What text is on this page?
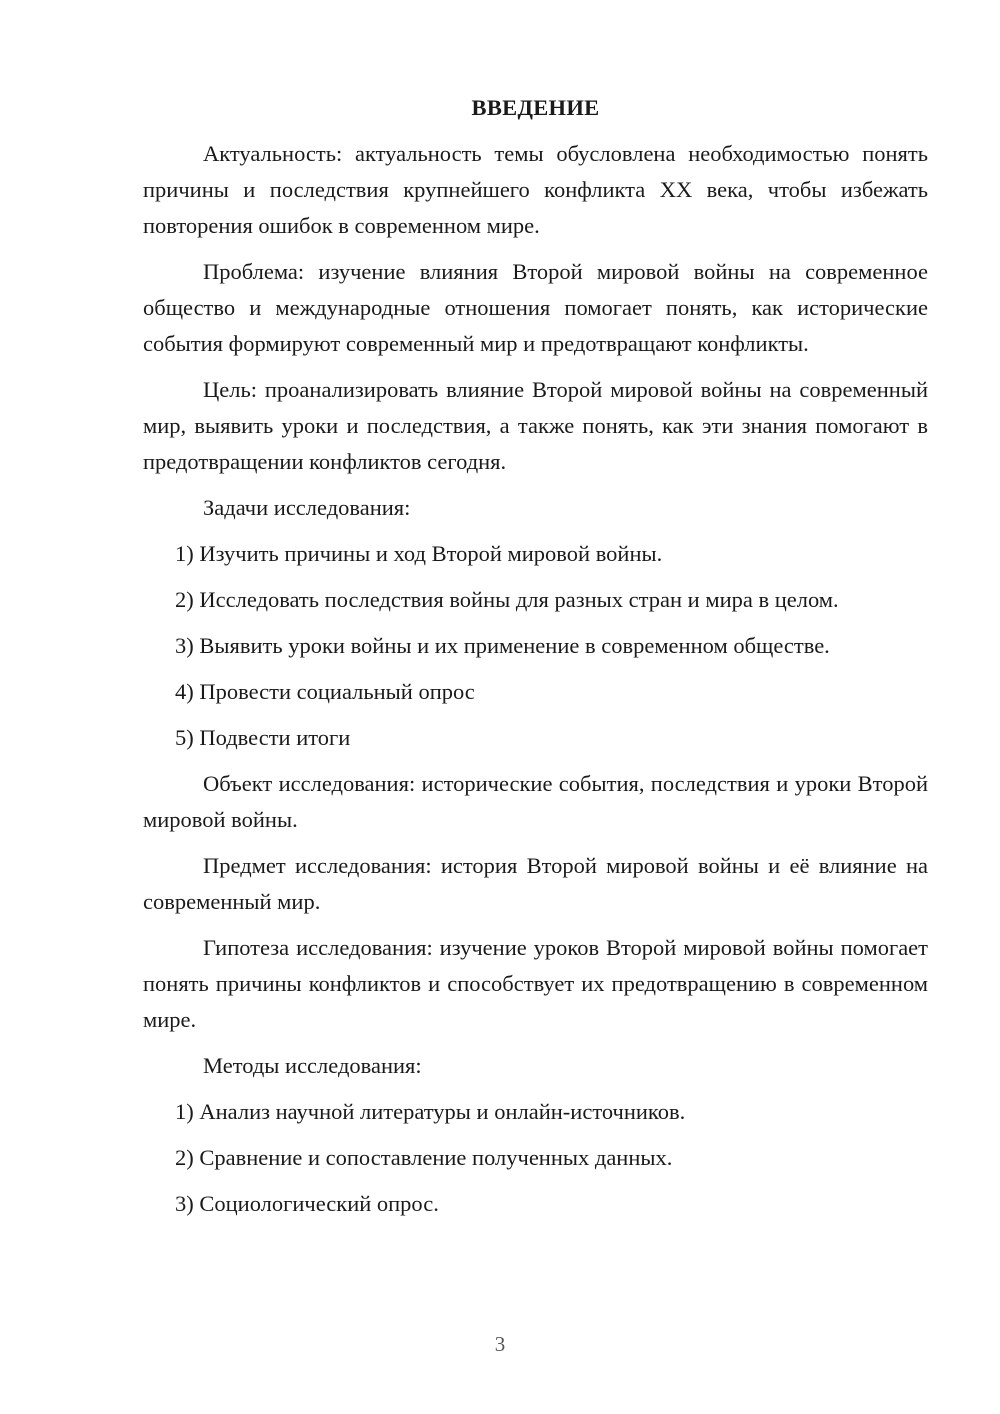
ВВЕДЕНИЕ

Актуальность: актуальность темы обусловлена необходимостью понять причины и последствия крупнейшего конфликта XX века, чтобы избежать повторения ошибок в современном мире.

Проблема: изучение влияния Второй мировой войны на современное общество и международные отношения помогает понять, как исторические события формируют современный мир и предотвращают конфликты.

Цель: проанализировать влияние Второй мировой войны на современный мир, выявить уроки и последствия, а также понять, как эти знания помогают в предотвращении конфликтов сегодня.

Задачи исследования:

1) Изучить причины и ход Второй мировой войны.
2) Исследовать последствия войны для разных стран и мира в целом.
3) Выявить уроки войны и их применение в современном обществе.
4) Провести социальный опрос
5) Подвести итоги

Объект исследования: исторические события, последствия и уроки Второй мировой войны.

Предмет исследования: история Второй мировой войны и её влияние на современный мир.

Гипотеза исследования: изучение уроков Второй мировой войны помогает понять причины конфликтов и способствует их предотвращению в современном мире.

Методы исследования:

1) Анализ научной литературы и онлайн-источников.
2) Сравнение и сопоставление полученных данных.
3) Социологический опрос.
3
